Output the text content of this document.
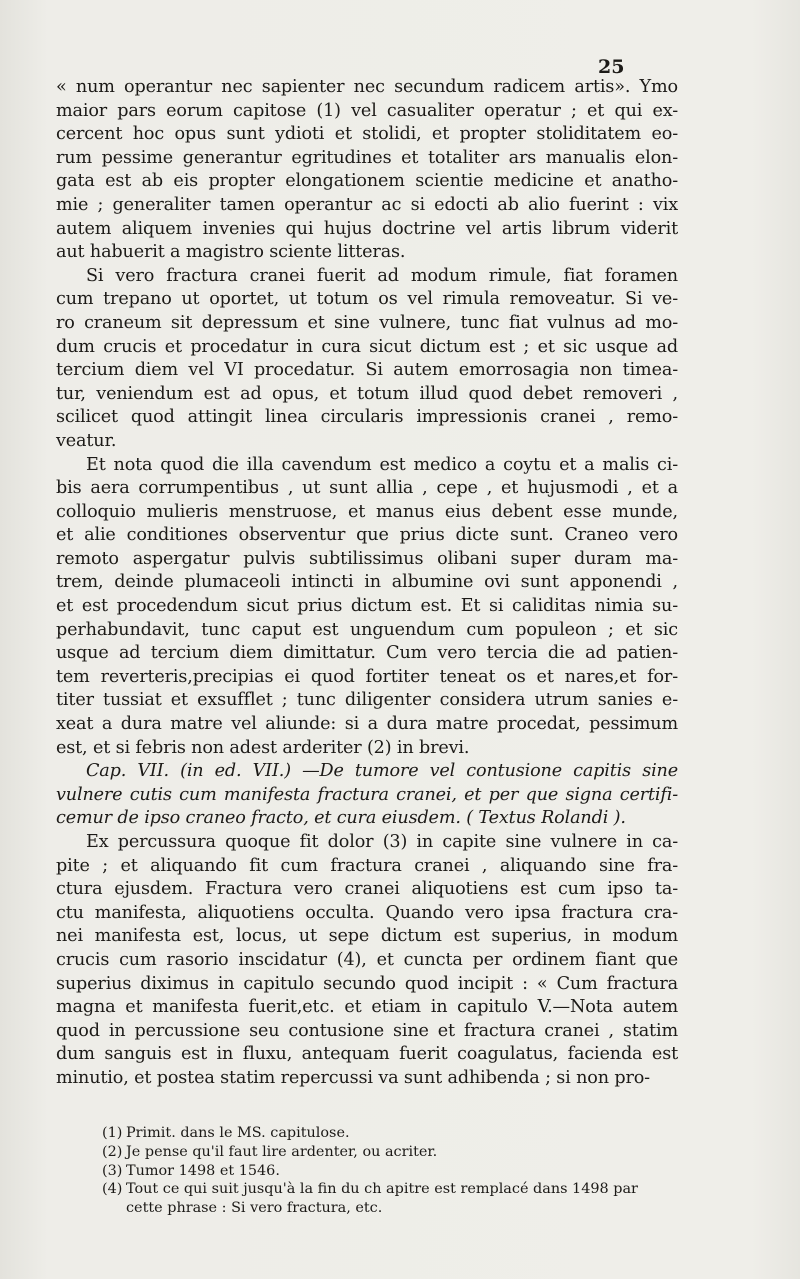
25
« num operantur nec sapienter nec secundum radicem artis». Ymo
maior pars eorum capitose (1) vel casualiter operatur ; et qui ex-
cercent hoc opus sunt ydioti et stolidi, et propter stoliditatem eo-
rum pessime generantur egritudines et totaliter ars manualis elon-
gata est ab eis propter elongationem scientie medicine et anatho-
mie ; generaliter tamen operantur ac si edocti ab alio fuerint : vix
autem aliquem invenies qui hujus doctrine vel artis librum viderit
aut habuerit a magistro sciente litteras.
Si vero fractura cranei fuerit ad modum rimule, fiat foramen
cum trepano ut oportet, ut totum os vel rimula removeatur. Si ve-
ro craneum sit depressum et sine vulnere, tunc fiat vulnus ad mo-
dum crucis et procedatur in cura sicut dictum est ; et sic usque ad
tercium diem vel VI procedatur. Si autem emorrosagia non timea-
tur, veniendum est ad opus, et totum illud quod debet removeri ,
scilicet quod attingit linea circularis impressionis cranei , remo-
veatur.
Et nota quod die illa cavendum est medico a coytu et a malis ci-
bis aera corrumpentibus , ut sunt allia , cepe , et hujusmodi , et a
colloquio mulieris menstruose, et manus eius debent esse munde,
et alie conditiones observentur que prius dicte sunt. Craneo vero
remoto aspergatur pulvis subtilissimus olibani super duram ma-
trem, deinde plumaceoli intincti in albumine ovi sunt apponendi ,
et est procedendum sicut prius dictum est. Et si caliditas nimia su-
perhabundavit, tunc caput est unguendum cum populeon ; et sic
usque ad tercium diem dimittatur. Cum vero tercia die ad patien-
tem reverteris,precipias ei quod fortiter teneat os et nares,et for-
titer tussiat et exsufflet ; tunc diligenter considera utrum sanies e-
xeat a dura matre vel aliunde: si a dura matre procedat, pessimum
est, et si febris non adest arderiter (2) in brevi.
Cap. VII. (in ed. VII.) —De tumore vel contusione capitis sine
vulnere cutis cum manifesta fractura cranei, et per que signa certifi-
cemur de ipso craneo fracto, et cura eiusdem. ( Textus Rolandi ).
Ex percussura quoque fit dolor (3) in capite sine vulnere in ca-
pite ; et aliquando fit cum fractura cranei , aliquando sine fra-
ctura ejusdem. Fractura vero cranei aliquotiens est cum ipso ta-
ctu manifesta, aliquotiens occulta. Quando vero ipsa fractura cra-
nei manifesta est, locus, ut sepe dictum est superius, in modum
crucis cum rasorio inscidatur (4), et cuncta per ordinem fiant que
superius diximus in capitulo secundo quod incipit : « Cum fractura
magna et manifesta fuerit,etc. et etiam in capitulo V.—Nota autem
quod in percussione seu contusione sine et fractura cranei , statim
dum sanguis est in fluxu, antequam fuerit coagulatus, facienda est
minutio, et postea statim repercussi va sunt adhibenda ; si non pro-
(1) Primit. dans le MS. capitulose.
(2) Je pense qu'il faut lire ardenter, ou acriter.
(3) Tumor 1498 et 1546.
(4) Tout ce qui suit jusqu'à la fin du ch apitre est remplacé dans 1498 par
cette phrase : Si vero fractura, etc.
